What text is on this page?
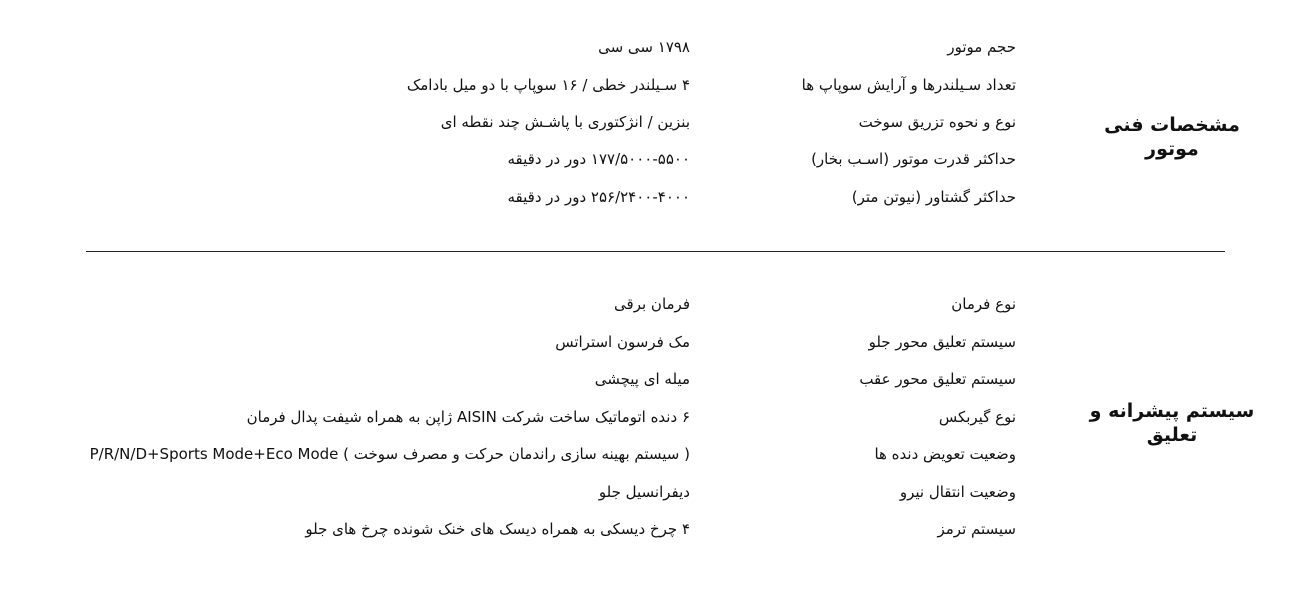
مشخصات فنی موتور
حجم موتور
۱۷۹۸ سی سی
تعداد سـیلندرها و آرایش سوپاپ ها
۴ سـیلندر خطی / ۱۶ سوپاپ با دو میل بادامک
نوع و نحوه تزریق سوخت
بنزین / انژکتوری با پاشـش چند نقطه ای
حداکثر قدرت موتور (اسـب بخار)
۱۷۷/۵۰۰۰-۵۵۰۰ دور در دقیقه
حداکثر گشتاور (نیوتن متر)
۲۵۶/۲۴۰۰-۴۰۰۰ دور در دقیقه
سیستم پیشرانه و تعلیق
نوع فرمان
فرمان برقی
سیستم تعلیق محور جلو
مک فرسون استراتس
سیستم تعلیق محور عقب
میله ای پیچشی
نوع گیربکس
۶ دنده اتوماتیک ساخت شرکت AISIN ژاپن به همراه شیفت پدال فرمان
وضعیت تعویض دنده ها
( سیستم بهینه سازی راندمان حرکت و مصرف سوخت ) P/R/N/D+Sports Mode+Eco Mode
وضعیت انتقال نیرو
دیفرانسیل جلو
سیستم ترمز
۴ چرخ دیسکی به همراه دیسک های خنک شونده چرخ های جلو
